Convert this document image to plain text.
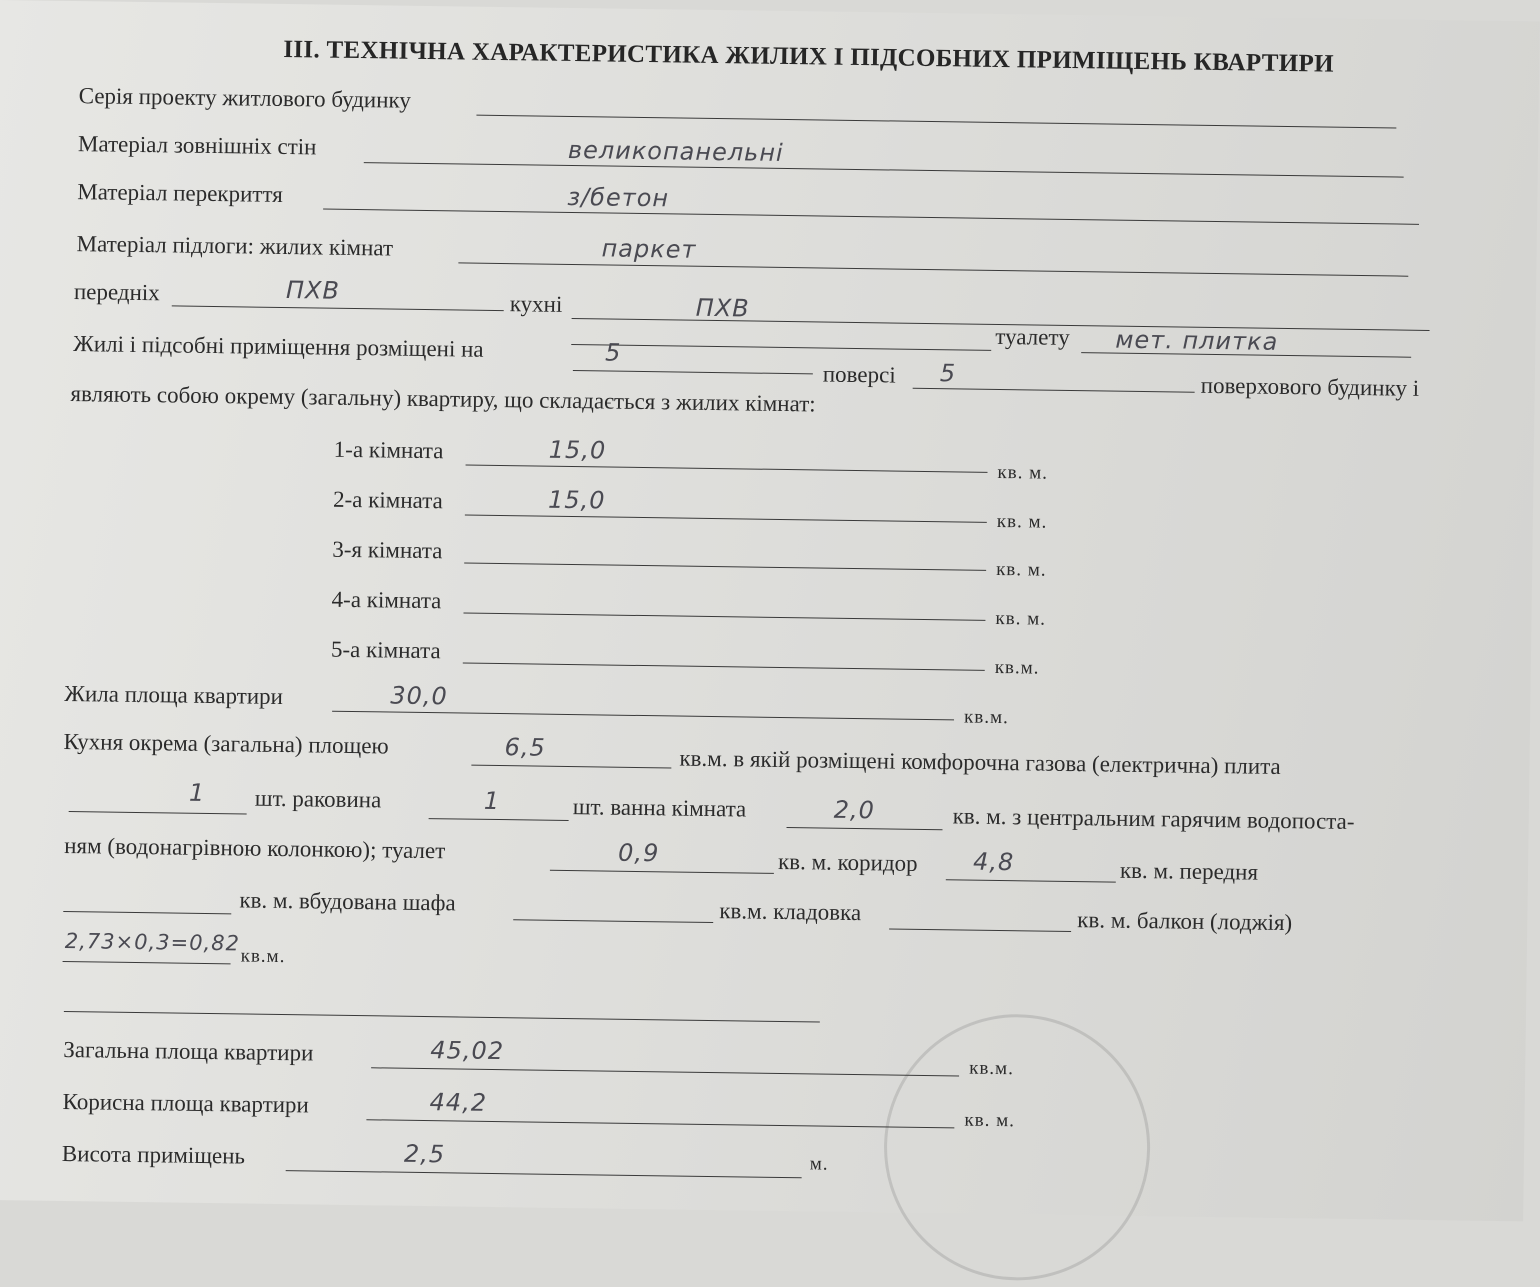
ІІІ. ТЕХНІЧНА ХАРАКТЕРИСТИКА ЖИЛИХ І ПІДСОБНИХ ПРИМІЩЕНЬ КВАРТИРИ
Серія проекту житлового будинку
Матеріал зовнішніх стін	великопанельні
Матеріал перекриття	з/бетон
Матеріал підлоги: жилих кімнат	паркет
передніх	ПХВ	кухні	ПХВ
туалету мет. плитка
Жилі і підсобні приміщення розміщені на	5
поверсі 5	поверхового будинку і
являють собою окрему (загальну) квартиру, що складається з жилих кімнат:
1-а кімната	15,0
кв. м.
2-а кімната	15,0
кв. м.
3-я кімната
кв. м.
4-а кімната
кв. м.
5-а кімната
кв.м.
Жила площа квартири	30,0
кв.м.
Кухня окрема (загальна) площею	6,5	кв.м. в якій розміщені комфорочна газова (електрична) плита
1 шт. раковина	1	шт. ванна кімната	2,0	кв. м. з центральним гарячим водопоста-
ням (водонагрівною колонкою); туалет	0,9	кв. м. коридор 4,8	кв. м. передня
кв. м. вбудована шафа	кв.м. кладовка	кв. м. балкон (лоджія)
2,73×0,3=0,82
кв.м.
Загальна площа квартири	45,02
кв.м.
Корисна площа квартири	44,2
кв. м.
Висота приміщень	2,5	м.
